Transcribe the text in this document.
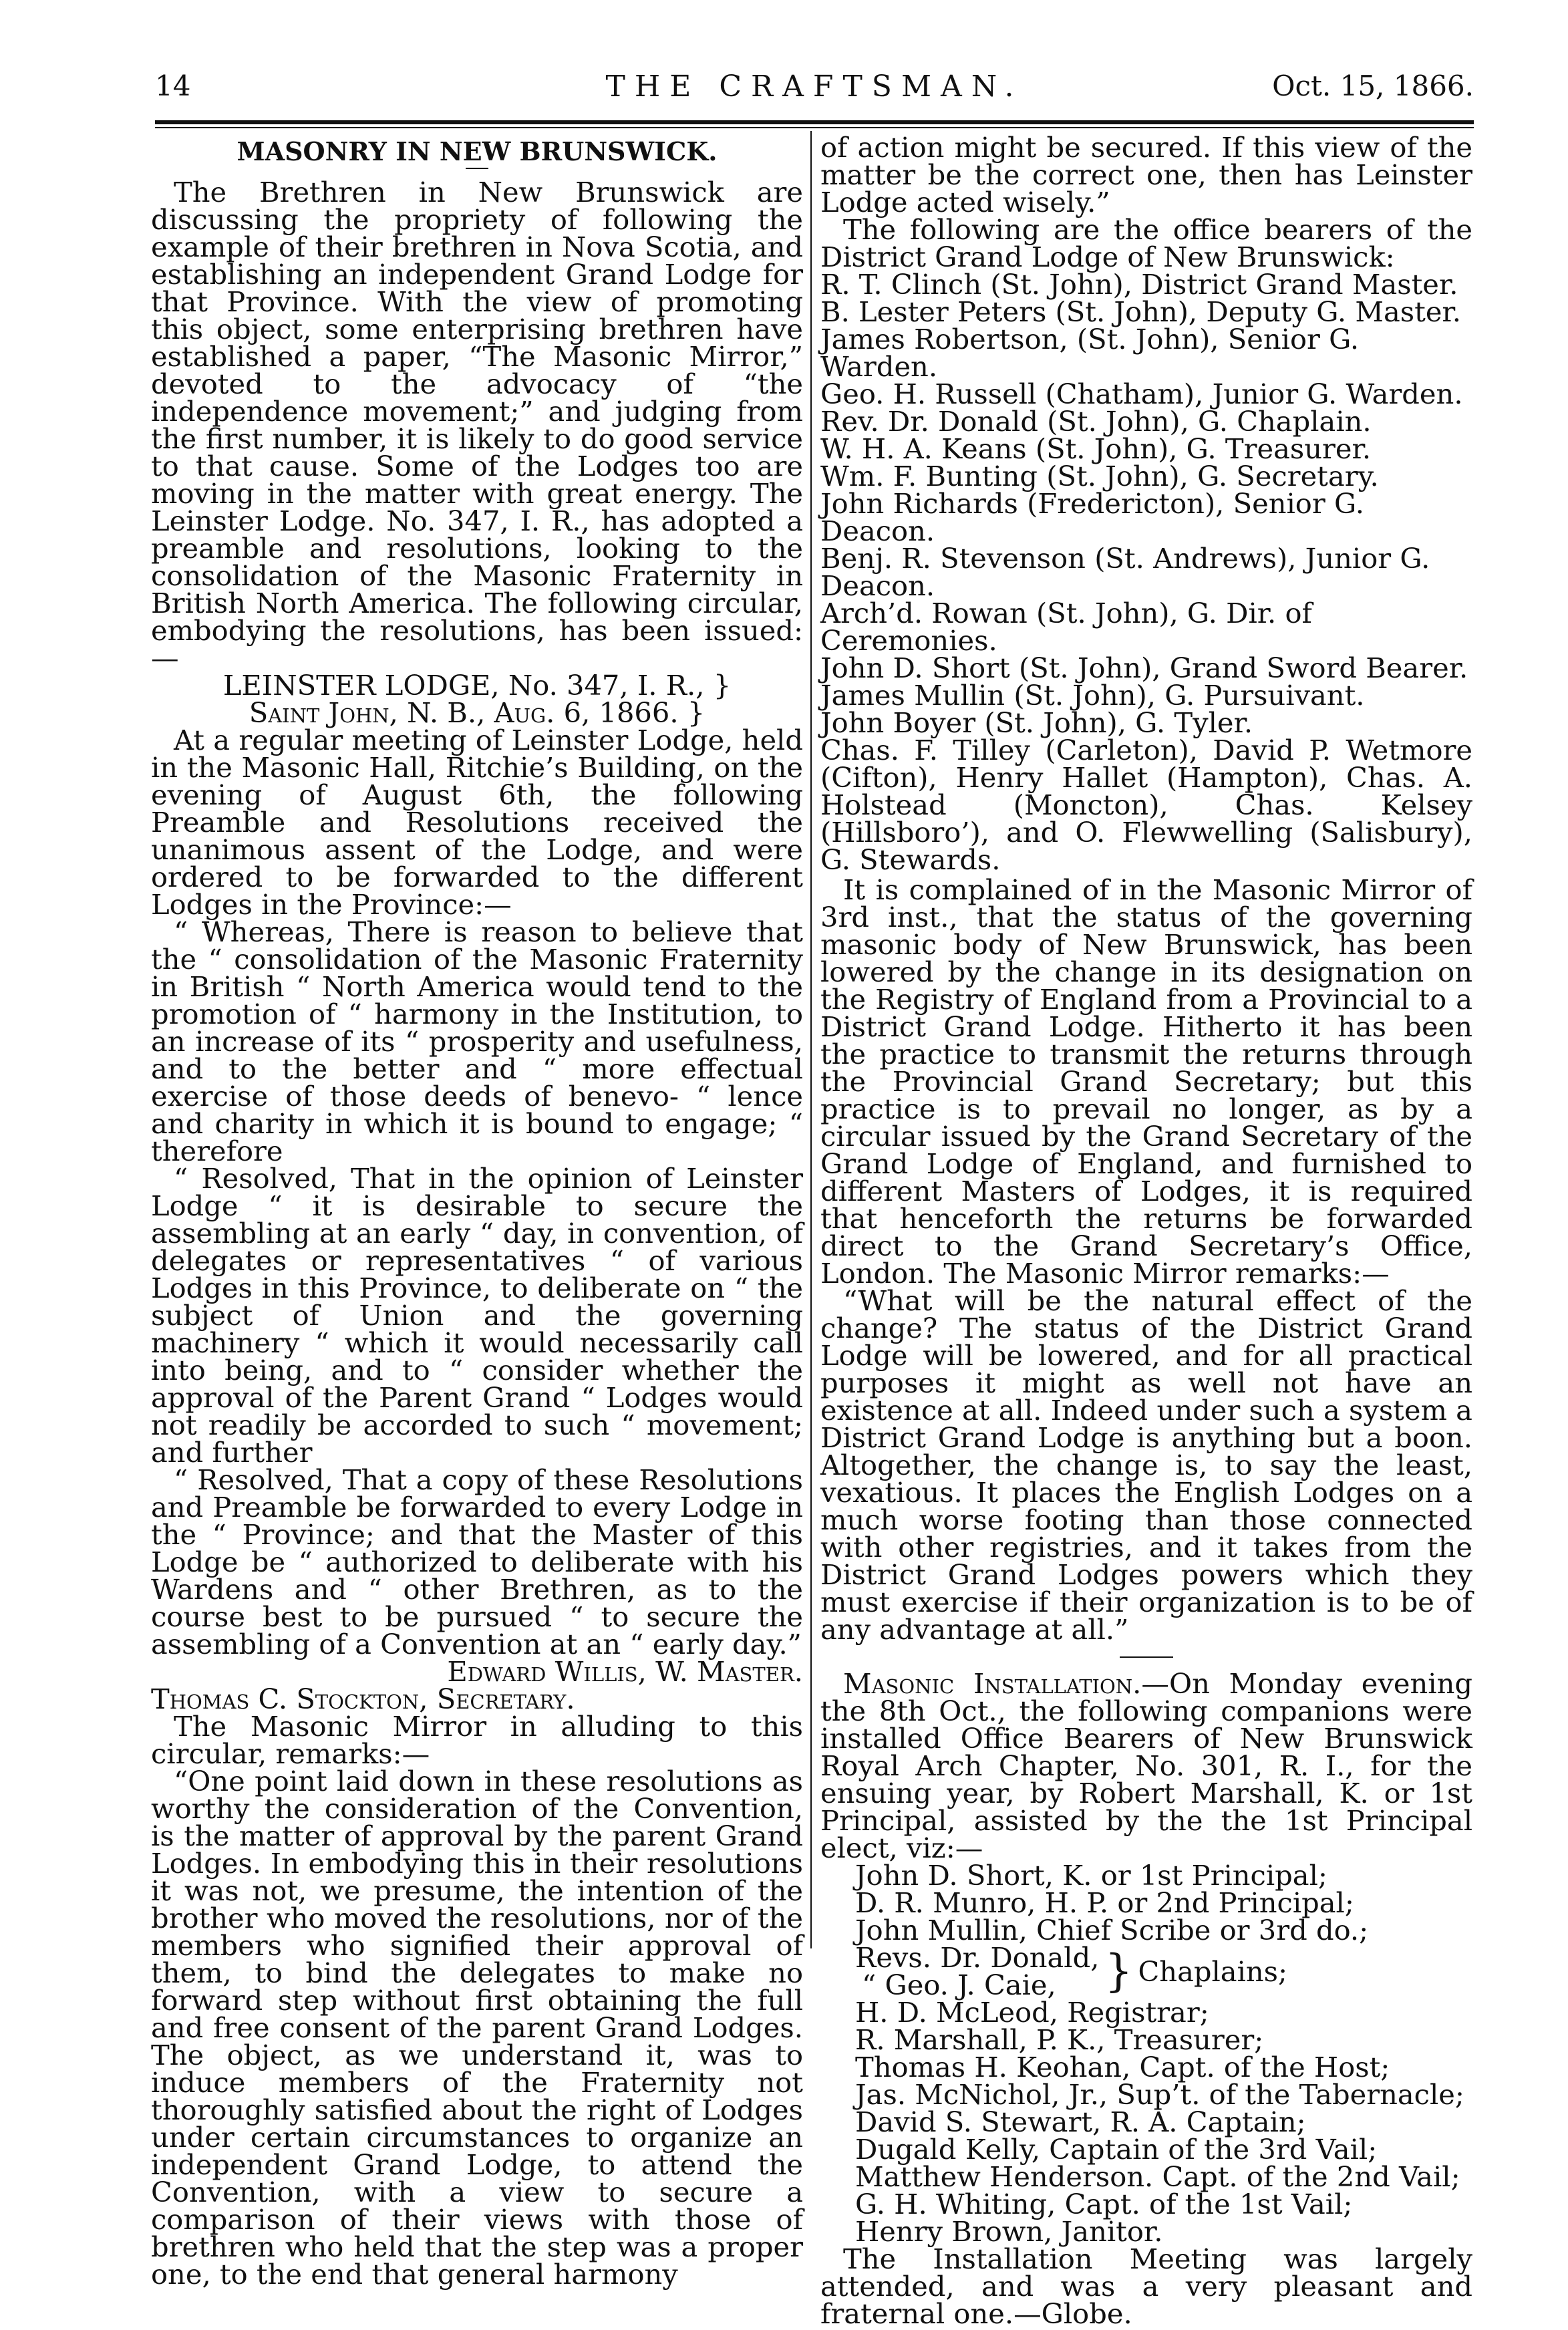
14	THE CRAFTSMAN.	Oct. 15, 1866.
MASONRY IN NEW BRUNSWICK.

The Brethren in New Brunswick are discussing the propriety of following the example of their brethren in Nova Scotia, and establishing an independent Grand Lodge for that Province. With the view of promoting this object, some enterprising brethren have established a paper, “The Masonic Mirror,” devoted to the advocacy of “the independence movement;” and judging from the first number, it is likely to do good service to that cause. Some of the Lodges too are moving in the matter with great energy. The Leinster Lodge. No. 347, I. R., has adopted a preamble and resolutions, looking to the consolidation of the Masonic Fraternity in British North America. The following circular, embodying the resolutions, has been issued:—

LEINSTER LODGE, No. 347, I. R., }

Saint John, N. B., Aug. 6, 1866. }

At a regular meeting of Leinster Lodge, held in the Masonic Hall, Ritchie’s Building, on the evening of August 6th, the following Preamble and Resolutions received the unanimous assent of the Lodge, and were ordered to be forwarded to the different Lodges in the Province:—

“ Whereas, There is reason to believe that the “ consolidation of the Masonic Fraternity in British “ North America would tend to the promotion of “ harmony in the Institution, to an increase of its “ prosperity and usefulness, and to the better and “ more effectual exercise of those deeds of benevo- “ lence and charity in which it is bound to engage; “ therefore

“ Resolved, That in the opinion of Leinster Lodge “ it is desirable to secure the assembling at an early “ day, in convention, of delegates or representatives “ of various Lodges in this Province, to deliberate on “ the subject of Union and the governing machinery “ which it would necessarily call into being, and to “ consider whether the approval of the Parent Grand “ Lodges would not readily be accorded to such “ movement; and further

“ Resolved, That a copy of these Resolutions and Preamble be forwarded to every Lodge in the “ Province; and that the Master of this Lodge be “ authorized to deliberate with his Wardens and “ other Brethren, as to the course best to be pursued “ to secure the assembling of a Convention at an “ early day.”

Edward Willis, W. Master.

Thomas C. Stockton, Secretary.

The Masonic Mirror in alluding to this circular, remarks:—

“One point laid down in these resolutions as worthy the consideration of the Convention, is the matter of approval by the parent Grand Lodges. In embodying this in their resolutions it was not, we presume, the intention of the brother who moved the resolutions, nor of the members who signified their approval of them, to bind the delegates to make no forward step without first obtaining the full and free consent of the parent Grand Lodges. The object, as we understand it, was to induce members of the Fraternity not thoroughly satisfied about the right of Lodges under certain circumstances to organize an independent Grand Lodge, to attend the Convention, with a view to secure a comparison of their views with those of brethren who held that the step was a proper one, to the end that general harmony

of action might be secured. If this view of the matter be the correct one, then has Leinster Lodge acted wisely.”

The following are the office bearers of the District Grand Lodge of New Brunswick:

R. T. Clinch (St. John), District Grand Master.

B. Lester Peters (St. John), Deputy G. Master.

James Robertson, (St. John), Senior G. Warden.

Geo. H. Russell (Chatham), Junior G. Warden.

Rev. Dr. Donald (St. John), G. Chaplain.

W. H. A. Keans (St. John), G. Treasurer.

Wm. F. Bunting (St. John), G. Secretary.

John Richards (Fredericton), Senior G. Deacon.

Benj. R. Stevenson (St. Andrews), Junior G. Deacon.

Arch’d. Rowan (St. John), G. Dir. of Ceremonies.

John D. Short (St. John), Grand Sword Bearer.

James Mullin (St. John), G. Pursuivant.

John Boyer (St. John), G. Tyler.

Chas. F. Tilley (Carleton), David P. Wetmore (Cifton), Henry Hallet (Hampton), Chas. A. Holstead (Moncton), Chas. Kelsey (Hillsboro’), and O. Flewwelling (Salisbury), G. Stewards.

It is complained of in the Masonic Mirror of 3rd inst., that the status of the governing masonic body of New Brunswick, has been lowered by the change in its designation on the Registry of England from a Provincial to a District Grand Lodge. Hitherto it has been the practice to transmit the returns through the Provincial Grand Secretary; but this practice is to prevail no longer, as by a circular issued by the Grand Secretary of the Grand Lodge of England, and furnished to different Masters of Lodges, it is required that henceforth the returns be forwarded direct to the Grand Secretary’s Office, London. The Masonic Mirror remarks:—

“What will be the natural effect of the change? The status of the District Grand Lodge will be lowered, and for all practical purposes it might as well not have an existence at all. Indeed under such a system a District Grand Lodge is anything but a boon. Altogether, the change is, to say the least, vexatious. It places the English Lodges on a much worse footing than those connected with other registries, and it takes from the District Grand Lodges powers which they must exercise if their organization is to be of any advantage at all.”

Masonic Installation.—On Monday evening the 8th Oct., the following companions were installed Office Bearers of New Brunswick Royal Arch Chapter, No. 301, R. I., for the ensuing year, by Robert Marshall, K. or 1st Principal, assisted by the the 1st Principal elect, viz:—

John D. Short, K. or 1st Principal;

D. R. Munro, H. P. or 2nd Principal;

John Mullin, Chief Scribe or 3rd do.;

Revs. Dr. Donald,

“ Geo. J. Caie,	} Chaplains;

H. D. McLeod, Registrar;

R. Marshall, P. K., Treasurer;

Thomas H. Keohan, Capt. of the Host;

Jas. McNichol, Jr., Sup’t. of the Tabernacle;

David S. Stewart, R. A. Captain;

Dugald Kelly, Captain of the 3rd Vail;

Matthew Henderson. Capt. of the 2nd Vail;

G. H. Whiting, Capt. of the 1st Vail;

Henry Brown, Janitor.

The Installation Meeting was largely attended, and was a very pleasant and fraternal one.—Globe.
